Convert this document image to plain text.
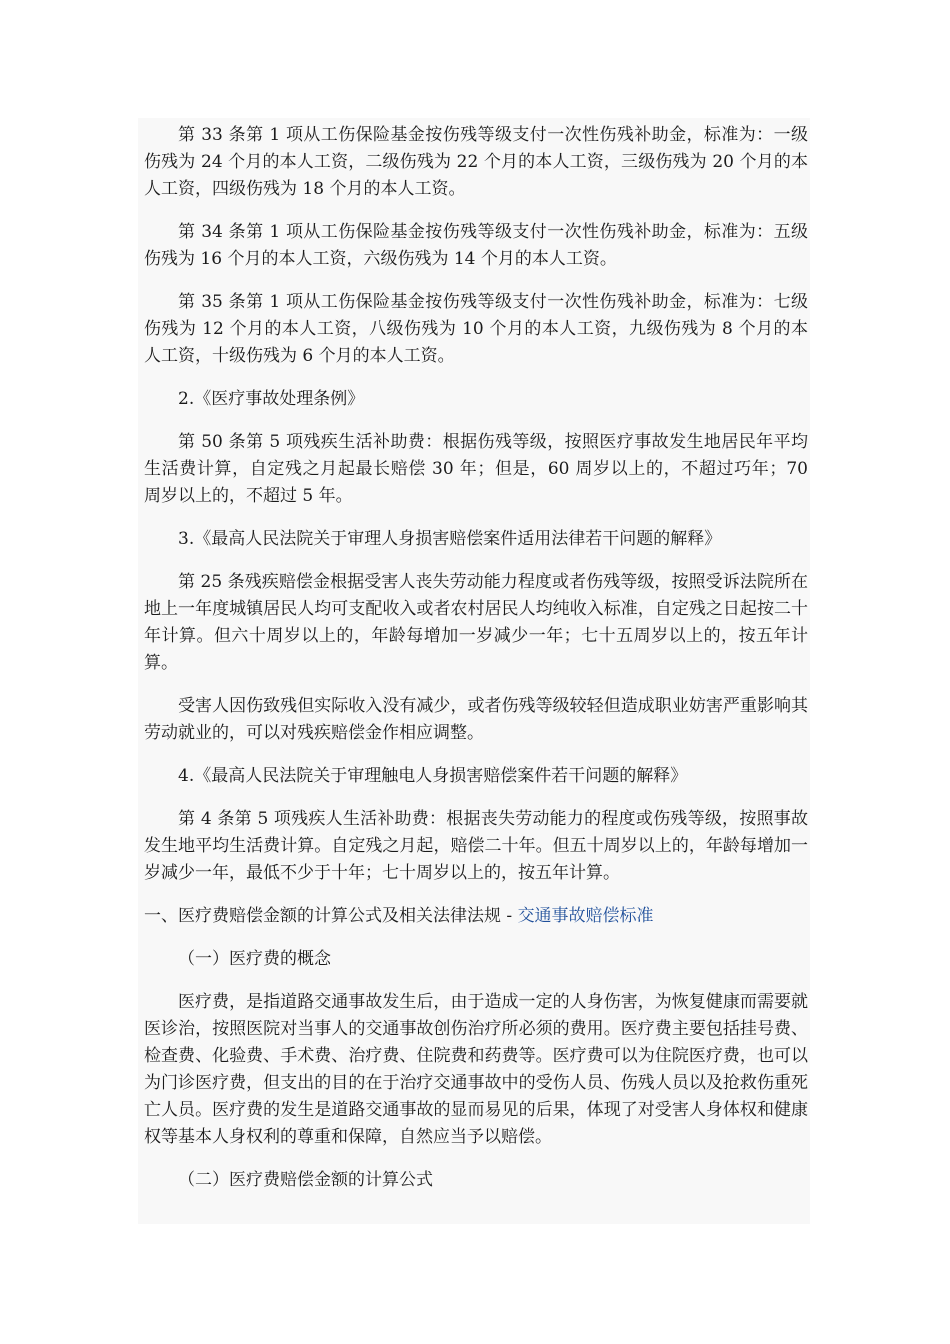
第 33 条第 1 项从工伤保险基金按伤残等级支付一次性伤残补助金，标准为：一级伤残为 24 个月的本人工资，二级伤残为 22 个月的本人工资，三级伤残为 20 个月的本人工资，四级伤残为 18 个月的本人工资。

第 34 条第 1 项从工伤保险基金按伤残等级支付一次性伤残补助金，标准为：五级伤残为 16 个月的本人工资，六级伤残为 14 个月的本人工资。

第 35 条第 1 项从工伤保险基金按伤残等级支付一次性伤残补助金，标准为：七级伤残为 12 个月的本人工资，八级伤残为 10 个月的本人工资，九级伤残为 8 个月的本人工资，十级伤残为 6 个月的本人工资。

2.《医疗事故处理条例》

第 50 条第 5 项残疾生活补助费：根据伤残等级，按照医疗事故发生地居民年平均生活费计算，自定残之月起最长赔偿 30 年；但是，60 周岁以上的，不超过巧年；70 周岁以上的，不超过 5 年。

3.《最高人民法院关于审理人身损害赔偿案件适用法律若干问题的解释》

第 25 条残疾赔偿金根据受害人丧失劳动能力程度或者伤残等级，按照受诉法院所在地上一年度城镇居民人均可支配收入或者农村居民人均纯收入标准，自定残之日起按二十年计算。但六十周岁以上的，年龄每增加一岁减少一年；七十五周岁以上的，按五年计算。

受害人因伤致残但实际收入没有减少，或者伤残等级较轻但造成职业妨害严重影响其劳动就业的，可以对残疾赔偿金作相应调整。

4.《最高人民法院关于审理触电人身损害赔偿案件若干问题的解释》

第 4 条第 5 项残疾人生活补助费：根据丧失劳动能力的程度或伤残等级，按照事故发生地平均生活费计算。自定残之月起，赔偿二十年。但五十周岁以上的，年龄每增加一岁减少一年，最低不少于十年；七十周岁以上的，按五年计算。

一、医疗费赔偿金额的计算公式及相关法律法规 - 交通事故赔偿标准

（一）医疗费的概念

医疗费，是指道路交通事故发生后，由于造成一定的人身伤害，为恢复健康而需要就医诊治，按照医院对当事人的交通事故创伤治疗所必须的费用。医疗费主要包括挂号费、检查费、化验费、手术费、治疗费、住院费和药费等。医疗费可以为住院医疗费，也可以为门诊医疗费，但支出的目的在于治疗交通事故中的受伤人员、伤残人员以及抢救伤重死亡人员。医疗费的发生是道路交通事故的显而易见的后果，体现了对受害人身体权和健康权等基本人身权利的尊重和保障，自然应当予以赔偿。

（二）医疗费赔偿金额的计算公式
